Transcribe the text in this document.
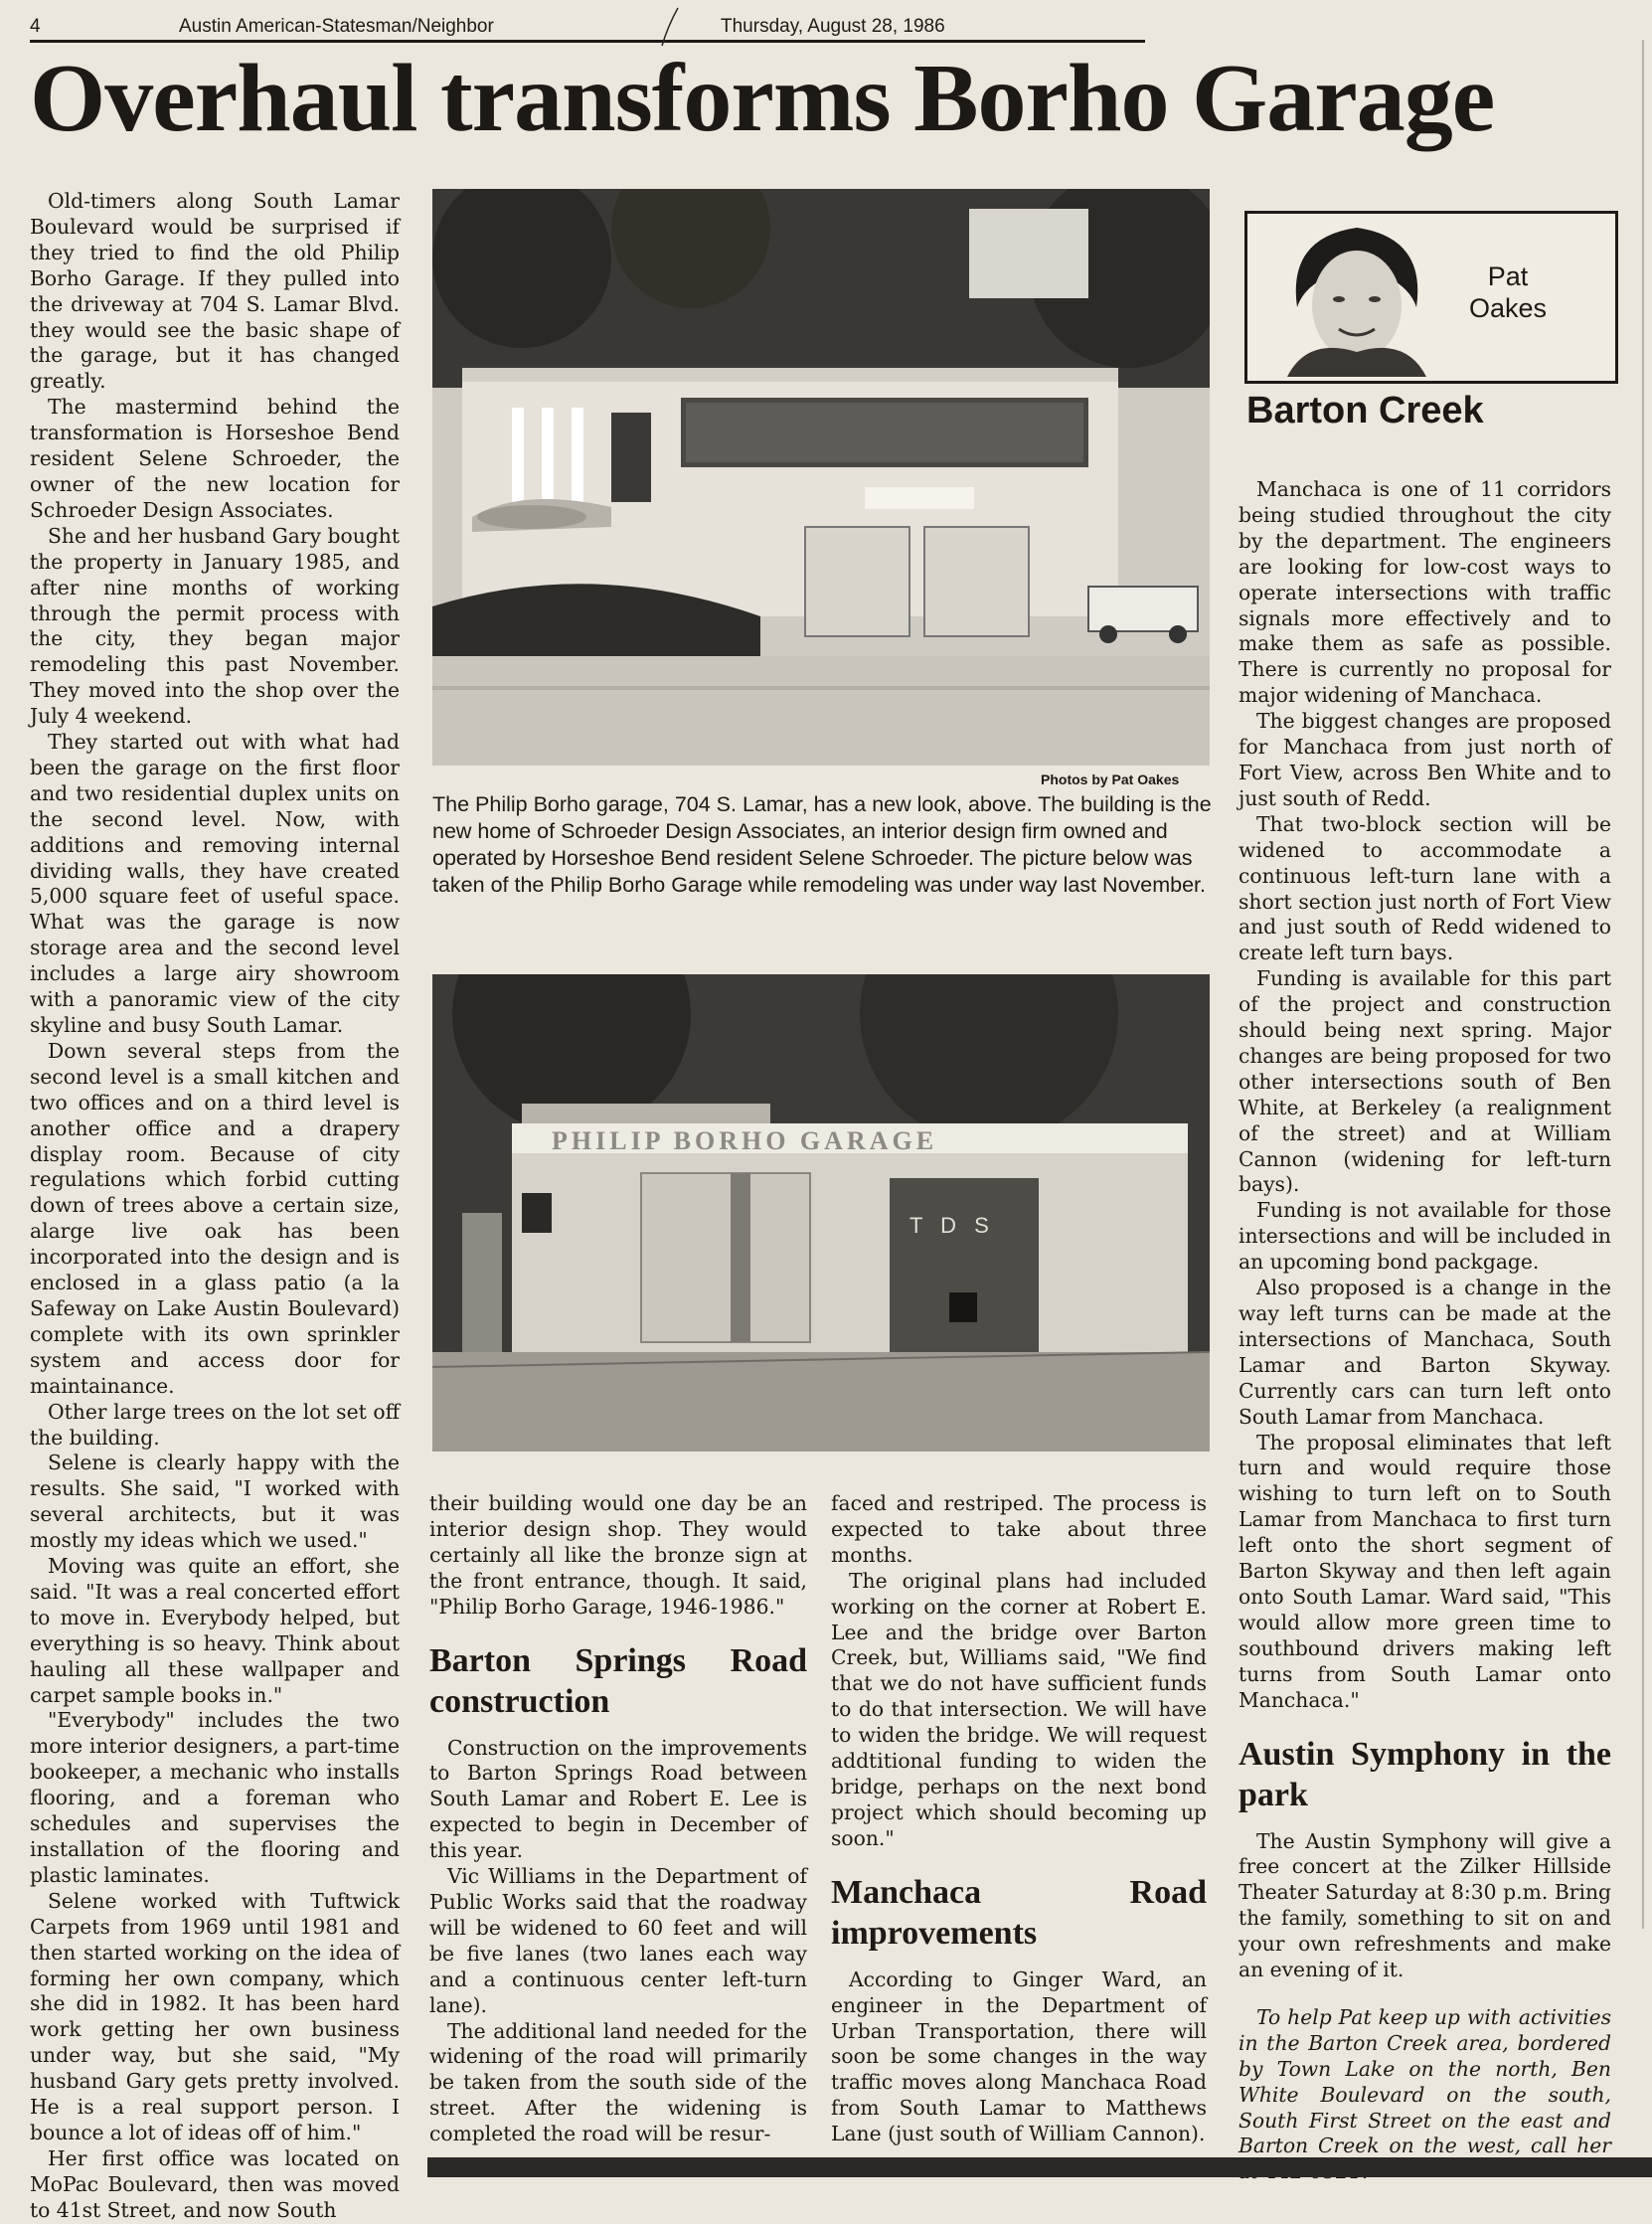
4	Austin American-Statesman/Neighbor	Thursday, August 28, 1986
Overhaul transforms Borho Garage

Old-timers along South Lamar Boulevard would be surprised if they tried to find the old Philip Borho Garage. If they pulled into the driveway at 704 S. Lamar Blvd. they would see the basic shape of the garage, but it has changed greatly.

The mastermind behind the transformation is Horseshoe Bend resident Selene Schroeder, the owner of the new location for Schroeder Design Associates.

She and her husband Gary bought the property in January 1985, and after nine months of working through the permit process with the city, they began major remodeling this past November. They moved into the shop over the July 4 weekend.

They started out with what had been the garage on the first floor and two residential duplex units on the second level. Now, with additions and removing internal dividing walls, they have created 5,000 square feet of useful space. What was the garage is now storage area and the second level includes a large airy showroom with a panoramic view of the city skyline and busy South Lamar.

Down several steps from the second level is a small kitchen and two offices and on a third level is another office and a drapery display room. Because of city regulations which forbid cutting down of trees above a certain size, alarge live oak has been incorporated into the design and is enclosed in a glass patio (a la Safeway on Lake Austin Boulevard) complete with its own sprinkler system and access door for maintainance.

Other large trees on the lot set off the building.

Selene is clearly happy with the results. She said, "I worked with several architects, but it was mostly my ideas which we used."

Moving was quite an effort, she said. "It was a real concerted effort to move in. Everybody helped, but everything is so heavy. Think about hauling all these wallpaper and carpet sample books in."

"Everybody" includes the two more interior designers, a part-time bookeeper, a mechanic who installs flooring, and a foreman who schedules and supervises the installation of the flooring and plastic laminates.

Selene worked with Tuftwick Carpets from 1969 until 1981 and then started working on the idea of forming her own company, which she did in 1982. It has been hard work getting her own business under way, but she said, "My husband Gary gets pretty involved. He is a real support person. I bounce a lot of ideas off of him."

Her first office was located on MoPac Boulevard, then was moved to 41st Street, and now South

Photos by Pat Oakes
The Philip Borho garage, 704 S. Lamar, has a new look, above. The building is the new home of Schroeder Design Associates, an interior design firm owned and operated by Horseshoe Bend resident Selene Schroeder. The picture below was taken of the Philip Borho Garage while remodeling was under way last November.
PHILIP BORHO GARAGE
T D S

their building would one day be an interior design shop. They would certainly all like the bronze sign at the front entrance, though. It said, "Philip Borho Garage, 1946-1986."

Barton Springs Road construction

Construction on the improvements to Barton Springs Road between South Lamar and Robert E. Lee is expected to begin in December of this year.

Vic Williams in the Department of Public Works said that the roadway will be widened to 60 feet and will be five lanes (two lanes each way and a continuous center left-turn lane).

The additional land needed for the widening of the road will primarily be taken from the south side of the street. After the widening is completed the road will be resur-

faced and restriped. The process is expected to take about three months.

The original plans had included working on the corner at Robert E. Lee and the bridge over Barton Creek, but, Williams said, "We find that we do not have sufficient funds to do that intersection. We will have to widen the bridge. We will request addtitional funding to widen the bridge, perhaps on the next bond project which should becoming up soon."

Manchaca Road improvements

According to Ginger Ward, an engineer in the Department of Urban Transportation, there will soon be some changes in the way traffic moves along Manchaca Road from South Lamar to Matthews Lane (just south of William Cannon).

Pat
Oakes
Barton Creek

Manchaca is one of 11 corridors being studied throughout the city by the department. The engineers are looking for low-cost ways to operate intersections with traffic signals more effectively and to make them as safe as possible. There is currently no proposal for major widening of Manchaca.

The biggest changes are proposed for Manchaca from just north of Fort View, across Ben White and to just south of Redd.

That two-block section will be widened to accommodate a continuous left-turn lane with a short section just north of Fort View and just south of Redd widened to create left turn bays.

Funding is available for this part of the project and construction should being next spring. Major changes are being proposed for two other intersections south of Ben White, at Berkeley (a realignment of the street) and at William Cannon (widening for left-turn bays).

Funding is not available for those intersections and will be included in an upcoming bond packgage.

Also proposed is a change in the way left turns can be made at the intersections of Manchaca, South Lamar and Barton Skyway. Currently cars can turn left onto South Lamar from Manchaca.

The proposal eliminates that left turn and would require those wishing to turn left on to South Lamar from Manchaca to first turn left onto the short segment of Barton Skyway and then left again onto South Lamar. Ward said, "This would allow more green time to southbound drivers making left turns from South Lamar onto Manchaca."

Austin Symphony in the park

The Austin Symphony will give a free concert at the Zilker Hillside Theater Saturday at 8:30 p.m. Bring the family, something to sit on and your own refreshments and make an evening of it.

To help Pat keep up with activities in the Barton Creek area, bordered by Town Lake on the north, Ben White Boulevard on the south, South First Street on the east and Barton Creek on the west, call her
